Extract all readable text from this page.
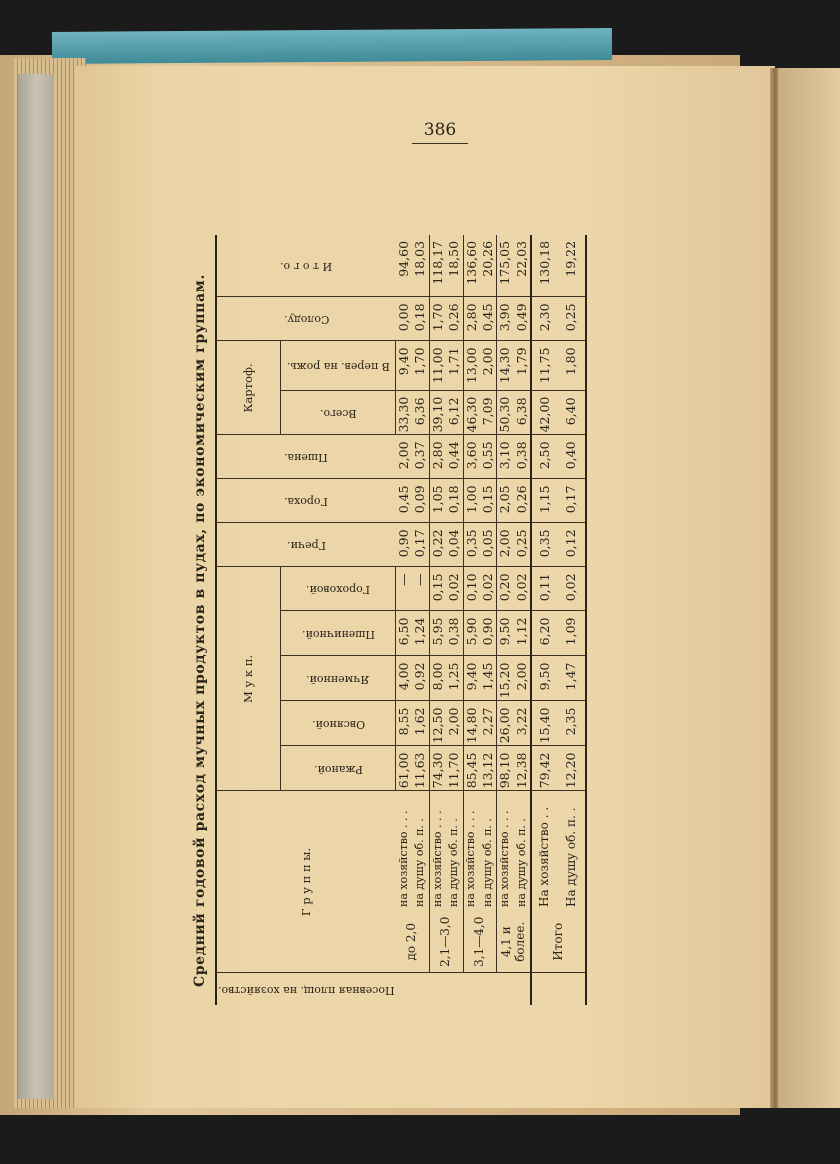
386
Средний годовой расход мучных продуктов в пудах, по экономическим группам.
Посевная площ. на хозяйство.	Г р у п п ы.		М у к п.					Гречи.	Гороха.	Пшена.	Картоф.		Солоду.	И т о г о.

			Ржаной.	Овсяной.	Ячменной.	Пшеничной.	Гороховой.				Всего.	В перев. на рожь.		

	до 2,0	на хозяйство . . .	61,00	8,55	4,00	6,50	—	0,90	0,45	2,00	33,30	9,40	0,00	94,60
		на душу об. п. .	11,63	1,62	0,92	1,24	—	0,17	0,09	0,37	6,36	1,70	0,18	18,03
	2,1—3,0	на хозяйство . . .	74,30	12,50	8,00	5,95	0,15	0,22	1,05	2,80	39,10	11,00	1,70	118,17
		на душу об. п. .	11,70	2,00	1,25	0,38	0,02	0,04	0,18	0,44	6,12	1,71	0,26	18,50
	3,1—4,0	на хозяйство . . .	85,45	14,80	9,40	5,90	0,10	0,35	1,00	3,60	46,30	13,00	2,80	136,60
		на душу об. п. .	13,12	2,27	1,45	0,90	0,02	0,05	0,15	0,55	7,09	2,00	0,45	20,26
	4,1 и более.	на хозяйство . . .	98,10	26,00	15,20	9,50	0,20	2,00	2,05	3,10	50,30	14,30	3,90	175,05
		на душу об. п. .	12,38	3,22	2,00	1,12	0,02	0,25	0,26	0,38	6,38	1,79	0,49	22,03
	Итого	На хозяйство . .	79,42	15,40	9,50	6,20	0,11	0,35	1,15	2,50	42,00	11,75	2,30	130,18
		На душу об. п. .	12,20	2,35	1,47	1,09	0,02	0,12	0,17	0,40	6,40	1,80	0,25	19,22
